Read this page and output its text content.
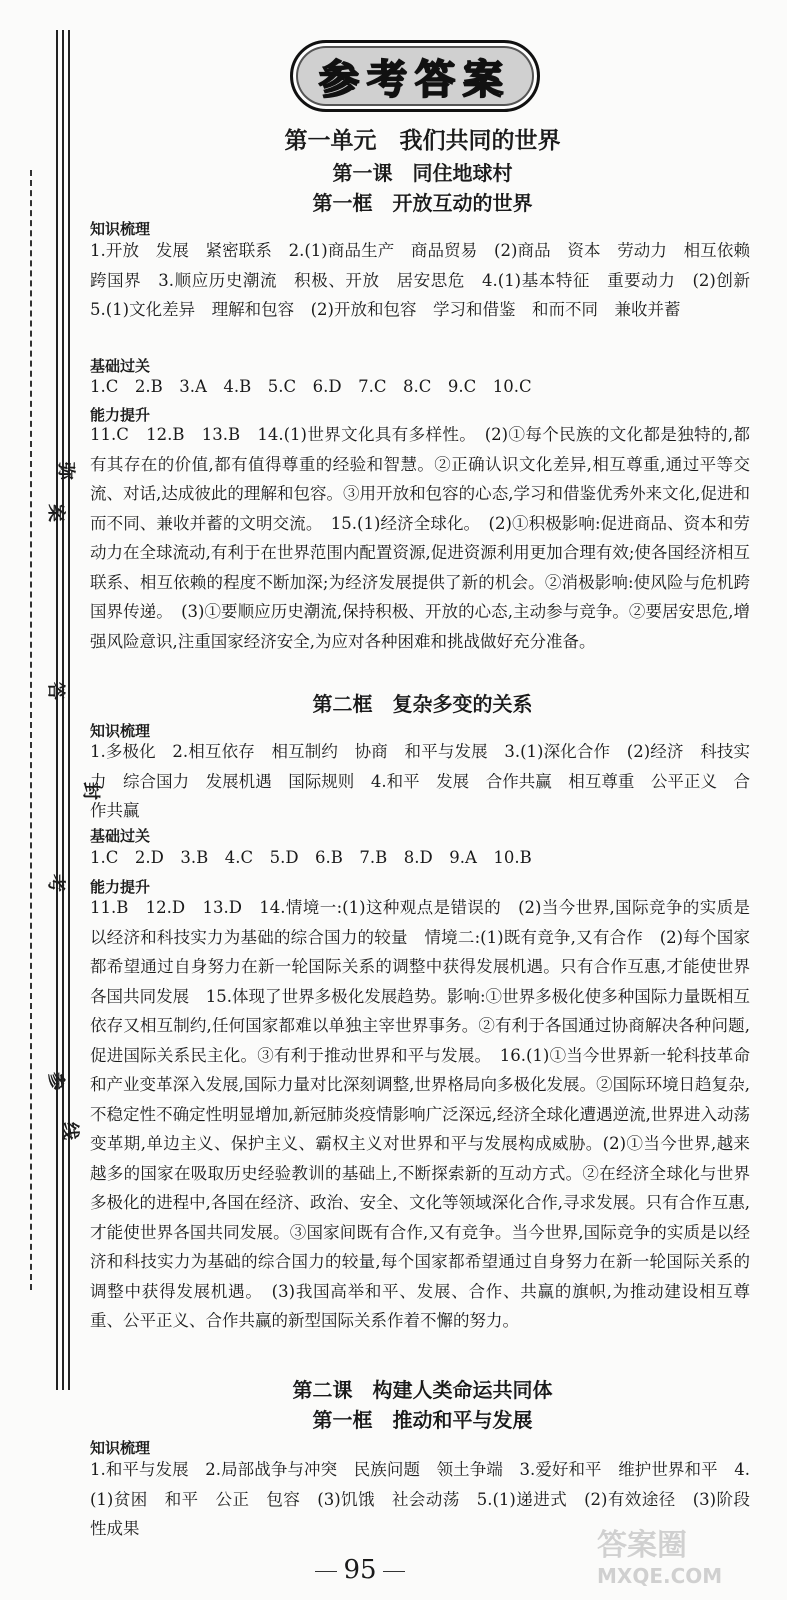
弥
案
答
封
考
线
参
参考答案
第一单元　我们共同的世界
第一课　同住地球村
第一框　开放互动的世界
知识梳理

1.开放　发展　紧密联系　2.(1)商品生产　商品贸易　(2)商品　资本　劳动力　相互依赖　跨国界　3.顺应历史潮流　积极、开放　居安思危　4.(1)基本特征　重要动力　(2)创新　5.(1)文化差异　理解和包容　(2)开放和包容　学习和借鉴　和而不同　兼收并蓄

基础过关

1.C　2.B　3.A　4.B　5.C　6.D　7.C　8.C　9.C　10.C

能力提升

11.C　12.B　13.B　14.(1)世界文化具有多样性。　(2)①每个民族的文化都是独特的,都有其存在的价值,都有值得尊重的经验和智慧。②正确认识文化差异,相互尊重,通过平等交流、对话,达成彼此的理解和包容。③用开放和包容的心态,学习和借鉴优秀外来文化,促进和而不同、兼收并蓄的文明交流。　15.(1)经济全球化。　(2)①积极影响:促进商品、资本和劳动力在全球流动,有利于在世界范围内配置资源,促进资源利用更加合理有效;使各国经济相互联系、相互依赖的程度不断加深;为经济发展提供了新的机会。②消极影响:使风险与危机跨国界传递。　(3)①要顺应历史潮流,保持积极、开放的心态,主动参与竞争。②要居安思危,增强风险意识,注重国家经济安全,为应对各种困难和挑战做好充分准备。

第二框　复杂多变的关系
知识梳理

1.多极化　2.相互依存　相互制约　协商　和平与发展　3.(1)深化合作　(2)经济　科技实力　综合国力　发展机遇　国际规则　4.和平　发展　合作共赢　相互尊重　公平正义　合作共赢

基础过关

1.C　2.D　3.B　4.C　5.D　6.B　7.B　8.D　9.A　10.B

能力提升

11.B　12.D　13.D　14.情境一:(1)这种观点是错误的　(2)当今世界,国际竞争的实质是以经济和科技实力为基础的综合国力的较量　情境二:(1)既有竞争,又有合作　(2)每个国家都希望通过自身努力在新一轮国际关系的调整中获得发展机遇。只有合作互惠,才能使世界各国共同发展　15.体现了世界多极化发展趋势。影响:①世界多极化使多种国际力量既相互依存又相互制约,任何国家都难以单独主宰世界事务。②有利于各国通过协商解决各种问题,促进国际关系民主化。③有利于推动世界和平与发展。　16.(1)①当今世界新一轮科技革命和产业变革深入发展,国际力量对比深刻调整,世界格局向多极化发展。②国际环境日趋复杂,不稳定性不确定性明显增加,新冠肺炎疫情影响广泛深远,经济全球化遭遇逆流,世界进入动荡变革期,单边主义、保护主义、霸权主义对世界和平与发展构成威胁。(2)①当今世界,越来越多的国家在吸取历史经验教训的基础上,不断探索新的互动方式。②在经济全球化与世界多极化的进程中,各国在经济、政治、安全、文化等领域深化合作,寻求发展。只有合作互惠,才能使世界各国共同发展。③国家间既有合作,又有竞争。当今世界,国际竞争的实质是以经济和科技实力为基础的综合国力的较量,每个国家都希望通过自身努力在新一轮国际关系的调整中获得发展机遇。　(3)我国高举和平、发展、合作、共赢的旗帜,为推动建设相互尊重、公平正义、合作共赢的新型国际关系作着不懈的努力。

第二课　构建人类命运共同体
第一框　推动和平与发展
知识梳理

1.和平与发展　2.局部战争与冲突　民族问题　领土争端　3.爱好和平　维护世界和平　4.(1)贫困　和平　公正　包容　(3)饥饿　社会动荡　5.(1)递进式　(2)有效途径　(3)阶段性成果

95
答案圈
MXQE.COM
